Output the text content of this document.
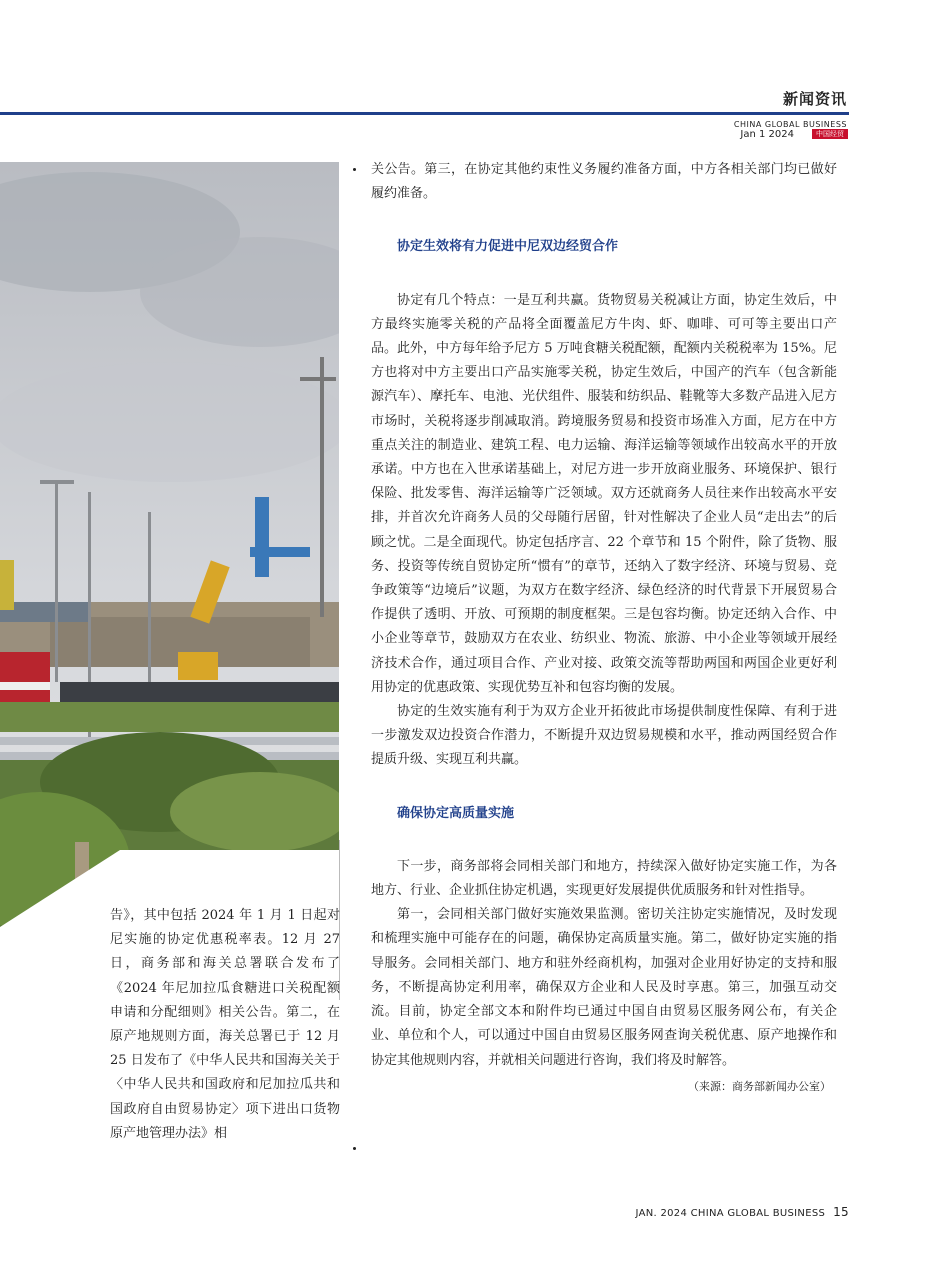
新闻资讯
CHINA GLOBAL BUSINESS
Jan 1 2024	中国经贸

告》，其中包括 2024 年 1 月 1 日起对尼实施的协定优惠税率表。12 月 27 日，商务部和海关总署联合发布了《2024 年尼加拉瓜食糖进口关税配额申请和分配细则》相关公告。第二，在原产地规则方面，海关总署已于 12 月 25 日发布了《中华人民共和国海关关于〈中华人民共和国政府和尼加拉瓜共和国政府自由贸易协定〉项下进出口货物原产地管理办法》相

关公告。第三，在协定其他约束性义务履约准备方面，中方各相关部门均已做好履约准备。

协定生效将有力促进中尼双边经贸合作

协定有几个特点：一是互利共赢。货物贸易关税减让方面，协定生效后，中方最终实施零关税的产品将全面覆盖尼方牛肉、虾、咖啡、可可等主要出口产品。此外，中方每年给予尼方 5 万吨食糖关税配额，配额内关税税率为 15%。尼方也将对中方主要出口产品实施零关税，协定生效后，中国产的汽车（包含新能源汽车）、摩托车、电池、光伏组件、服装和纺织品、鞋靴等大多数产品进入尼方市场时，关税将逐步削减取消。跨境服务贸易和投资市场准入方面，尼方在中方重点关注的制造业、建筑工程、电力运输、海洋运输等领域作出较高水平的开放承诺。中方也在入世承诺基础上，对尼方进一步开放商业服务、环境保护、银行保险、批发零售、海洋运输等广泛领域。双方还就商务人员往来作出较高水平安排，并首次允许商务人员的父母随行居留，针对性解决了企业人员“走出去”的后顾之忧。二是全面现代。协定包括序言、22 个章节和 15 个附件，除了货物、服务、投资等传统自贸协定所“惯有”的章节，还纳入了数字经济、环境与贸易、竞争政策等“边境后”议题，为双方在数字经济、绿色经济的时代背景下开展贸易合作提供了透明、开放、可预期的制度框架。三是包容均衡。协定还纳入合作、中小企业等章节，鼓励双方在农业、纺织业、物流、旅游、中小企业等领域开展经济技术合作，通过项目合作、产业对接、政策交流等帮助两国和两国企业更好利用协定的优惠政策、实现优势互补和包容均衡的发展。

协定的生效实施有利于为双方企业开拓彼此市场提供制度性保障、有利于进一步激发双边投资合作潜力，不断提升双边贸易规模和水平，推动两国经贸合作提质升级、实现互利共赢。

确保协定高质量实施

下一步，商务部将会同相关部门和地方，持续深入做好协定实施工作，为各地方、行业、企业抓住协定机遇，实现更好发展提供优质服务和针对性指导。

第一，会同相关部门做好实施效果监测。密切关注协定实施情况，及时发现和梳理实施中可能存在的问题，确保协定高质量实施。第二，做好协定实施的指导服务。会同相关部门、地方和驻外经商机构，加强对企业用好协定的支持和服务，不断提高协定利用率，确保双方企业和人民及时享惠。第三，加强互动交流。目前，协定全部文本和附件均已通过中国自由贸易区服务网公布，有关企业、单位和个人，可以通过中国自由贸易区服务网查询关税优惠、原产地操作和协定其他规则内容，并就相关问题进行咨询，我们将及时解答。

（来源：商务部新闻办公室）

JAN. 2024 CHINA GLOBAL BUSINESS 15
